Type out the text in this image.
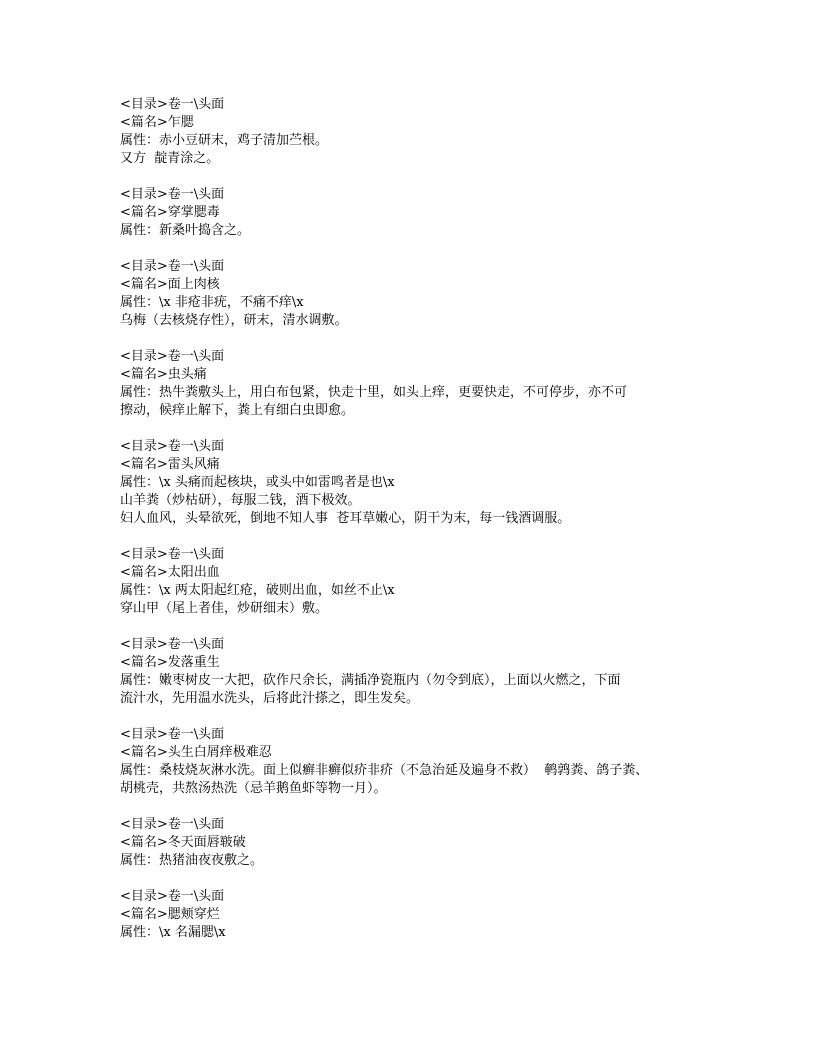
<目录>卷一\头面

<篇名>乍腮

属性：赤小豆研末，鸡子清加苎根。

又方  靛青涂之。

<目录>卷一\头面

<篇名>穿掌腮毒

属性：新桑叶捣含之。

<目录>卷一\头面

<篇名>面上肉核

属性：\x 非疮非疣，不痛不痒\x

乌梅（去核烧存性），研末，清水调敷。

<目录>卷一\头面

<篇名>虫头痛

属性：热牛粪敷头上，用白布包紧，快走十里，如头上痒，更要快走，不可停步，亦不可

擦动，候痒止解下，粪上有细白虫即愈。

<目录>卷一\头面

<篇名>雷头风痛

属性：\x 头痛而起核块，或头中如雷鸣者是也\x

山羊粪（炒枯研），每服二钱，酒下极效。

妇人血风，头晕欲死，倒地不知人事  苍耳草嫩心，阴干为末，每一钱酒调服。

<目录>卷一\头面

<篇名>太阳出血

属性：\x 两太阳起红疮，破则出血，如丝不止\x

穿山甲（尾上者佳，炒研细末）敷。

<目录>卷一\头面

<篇名>发落重生

属性：嫩枣树皮一大把，砍作尺余长，满插净瓷瓶内（勿令到底），上面以火燃之，下面

流汁水，先用温水洗头，后将此汁搽之，即生发矣。

<目录>卷一\头面

<篇名>头生白屑痒极难忍

属性：桑枝烧灰淋水洗。面上似癣非癣似疥非疥（不急治延及遍身不救）  鹌鹑粪、鸽子粪、

胡桃壳，共熬汤热洗（忌羊鹅鱼虾等物一月）。

<目录>卷一\头面

<篇名>冬天面唇皲破

属性：热猪油夜夜敷之。

<目录>卷一\头面

<篇名>腮颊穿烂

属性：\x 名漏腮\x
